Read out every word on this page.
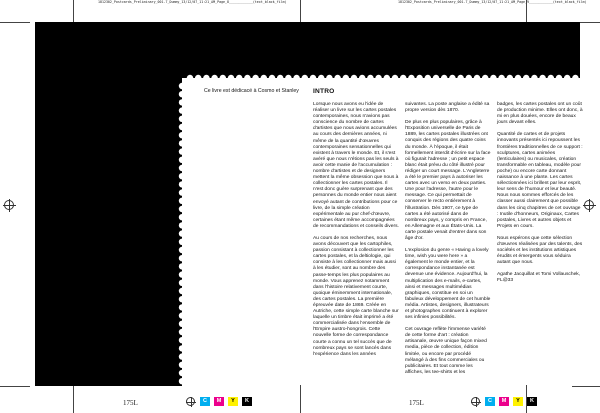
1812302_Postcards_Preliminary_001-7_Dummy_13/12/07_11:21_AM_Page_8____________(text_black_film)	1812302_Postcards_Preliminary_001-7_Dummy_13/12/07_11:21_AM_Page_9____________(text_black_film)
Ce livre est dédicacé à Cosmo et Stanley INTRO

Lorsque nous avons eu l'idée de réaliser un livre sur les cartes postales contemporaines, nous n'avions pas conscience du nombre de cartes d'artistes que nous avions accumulées au cours des dernières années, ni même de la quantité d'œuvres contemporaines sensationnelles qui existent à travers le monde. Et, il s'est avéré que nous n'étions pas les seuls à avoir cette manie de l'accumulation : nombre d'artistes et de designers mettent la même obsession que nous à collectionner les cartes postales. Il n'est donc guère surprenant que des personnes du monde entier nous aient envoyé autant de contributions pour ce livre, de la simple création expérimentale au pur chef-d'œuvre, certaines étant même accompagnées de recommandations et conseils divers.

Au cours de nos recherches, nous avons découvert que les cartophiles, passion consistant à collectionner les cartes postales, et la deltiologie, qui consiste à les collectionner mais aussi à les étudier, sont au nombre des passe-temps les plus populaires au monde. Vous apprenez notamment dans l'histoire relativement courte, quoique éminemment internationale, des cartes postales. La première épreuvée date de 1869. Créée en Autriche, cette simple carte blanche sur laquelle un timbre était imprimé a été commercialisée dans l'ensemble de l'Empire austro-hongrois. Cette nouvelle forme de correspondance courte a connu un tel succès que de nombreux pays se sont lancés dans l'expérience dans les années

suivantes. La poste anglaise a édité sa propre version dès 1870.

De plus en plus populaires, grâce à l'Exposition universelle de Paris de 1889, les cartes postales illustrées ont conquis des régions des quatre coins du monde. À l'époque, il était formellement interdit d'écrire sur la face où figurait l'adresse ; un petit espace blanc était prévu du côté illustré pour rédiger un court message. L'Angleterre a été le premier pays à autoriser les cartes avec un verso en deux parties. Une pour l'adresse, l'autre pour le message. Ce qui permettait de conserver le recto entièrement à l'illustration. Dès 1907, ce type de cartes a été autorisé dans de nombreux pays, y compris en France, en Allemagne et aux États-Unis. La carte postale venait d'entrer dans son âge d'or.

L'explosion du genre « Having a lovely time, wish you were here » a également le monde entier, et la correspondance instantanée est devenue une évidence. Aujourd'hui, la multiplication des e-mails, e-cartes, ainsi et messages multimédias graphiques, constitue en soi un fabuleux développement de cet humble média. Artistes, designers, illustrateurs et photographes continuent à explorer ses infinies possibilités.

Cet ouvrage reflète l'immense variété de cette forme d'art : création artisanale, œuvre unique façon mixed media, pièce de collection, édition limitée, ou encore par procédé mélangé à des fins commerciales ou publicitaires. Et tout comme les affiches, les tee-shirts et les

badges, les cartes postales ont un coût de production minime. Elles ont donc, à mi en plus douées, encore de beaux jours devant elles.

Quantité de cartes et de projets innovants présentés ici repoussent les frontières traditionnelles de ce support : sculptures, cartes animées (lenticulaires) ou musicales, création transformable en tableau, modèle pour poche) ou encore carte donnant naissance à une plante. Les cartes sélectionnées ici brillent par leur esprit, leur sens de l'humour et leur beauté. Nous nous sommes efforcés de les classer aussi clairement que possible dans les cinq chapitres de cet ouvrage : Inutile d'honneurs, Originaux, Cartes postales, Livres et autres objets et Projets en cours.

Nous espérons que cette sélection d'œuvres réalisées par des talents, des sociétés et les institutions artistiques érudits et émergents vous séduira autant que nous.

Agathe Jacquillat et Tomi Vollauschek, FL@33

175L	C	M	Y	K	175L	C	M	Y	K
